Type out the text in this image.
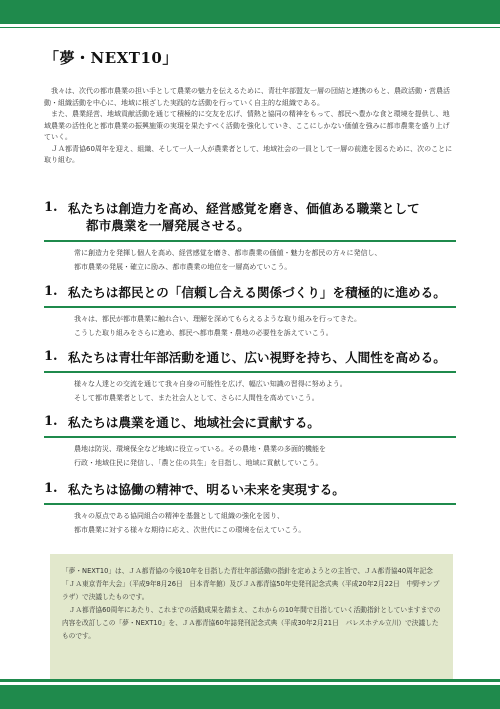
「夢・NEXT10」

我々は、次代の都市農業の担い手として農業の魅力を伝えるために、青壮年部盟友一層の団結と連携のもと、農政活動・営農活動・組織活動を中心に、地域に根ざした実践的な活動を行っていく自主的な組織である。

また、農業経営、地域貢献活動を通じて積極的に交友を広げ、情熱と協同の精神をもって、都民へ豊かな食と環境を提供し、地域農業の活性化と都市農業の振興施策の実現を果たすべく活動を強化していき、ここにしかない価値を強みに都市農業を盛り上げていく。

ＪＡ都青協60周年を迎え、組織、そして一人一人が農業者として、地域社会の一員として一層の前進を図るために、次のことに取り組む。

1. 私たちは創造力を高め、経営感覚を磨き、価値ある職業として
都市農業を一層発展させる。
常に創造力を発揮し個人を高め、経営感覚を磨き、都市農業の価値・魅力を都民の方々に発信し、
都市農業の発展・確立に励み、都市農業の地位を一層高めていこう。
1. 私たちは都民との「信頼し合える関係づくり」を積極的に進める。
我々は、都民が都市農業に触れ合い、理解を深めてもらえるような取り組みを行ってきた。
こうした取り組みをさらに進め、都民へ都市農業・農地の必要性を訴えていこう。
1. 私たちは青壮年部活動を通じ、広い視野を持ち、人間性を高める。
様々な人達との交流を通じて我々自身の可能性を広げ、幅広い知識の習得に努めよう。
そして都市農業者として、また社会人として、さらに人間性を高めていこう。
1. 私たちは農業を通じ、地域社会に貢献する。
農地は防災、環境保全など地域に役立っている。その農地・農業の多面的機能を
行政・地域住民に発信し、「農と住の共生」を目指し、地域に貢献していこう。
1. 私たちは協働の精神で、明るい未来を実現する。
我々の原点である協同組合の精神を基盤として組織の強化を図り、
都市農業に対する様々な期待に応え、次世代にこの環境を伝えていこう。

「夢・NEXT10」は、ＪＡ都青協の今後10年を目指した青壮年部活動の指針を定めようとの主旨で、ＪＡ都青協40周年記念「ＪＡ東京青年大会」（平成9年8月26日　日本青年館）及びＪＡ都青協50年史発刊記念式典（平成20年2月22日　中野サンプラザ）で決議したものです。

ＪＡ都青協60周年にあたり、これまでの活動成果を踏まえ、これからの10年間で目指していく活動指針としていますまでの内容を改訂しこの「夢・NEXT10」を、ＪＡ都青協60年誌発刊記念式典（平成30年2月21日　パレスホテル立川）で決議したものです。
